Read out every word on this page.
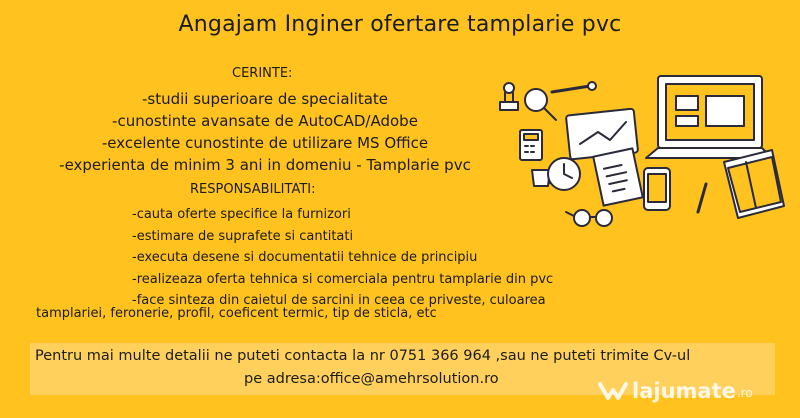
Angajam Inginer ofertare tamplarie pvc
CERINTE:
-studii superioare de specialitate
-cunostinte avansate de AutoCAD/Adobe
-excelente cunostinte de utilizare MS Office
-experienta de minim 3 ani in domeniu - Tamplarie pvc
RESPONSABILITATI:
-cauta oferte specifice la furnizori
-estimare de suprafete si cantitati
-executa desene si documentatii tehnice de principiu
-realizeaza oferta tehnica si comerciala pentru tamplarie din pvc
-face sinteza din caietul de sarcini in ceea ce priveste, culoarea
tamplariei, feronerie, profil, coeficent termic, tip de sticla, etc
Pentru mai multe detalii ne puteti contacta la nr 0751 366 964 ,sau ne puteti trimite Cv-ul
pe adresa:office@amehrsolution.ro	lajumate .ro
